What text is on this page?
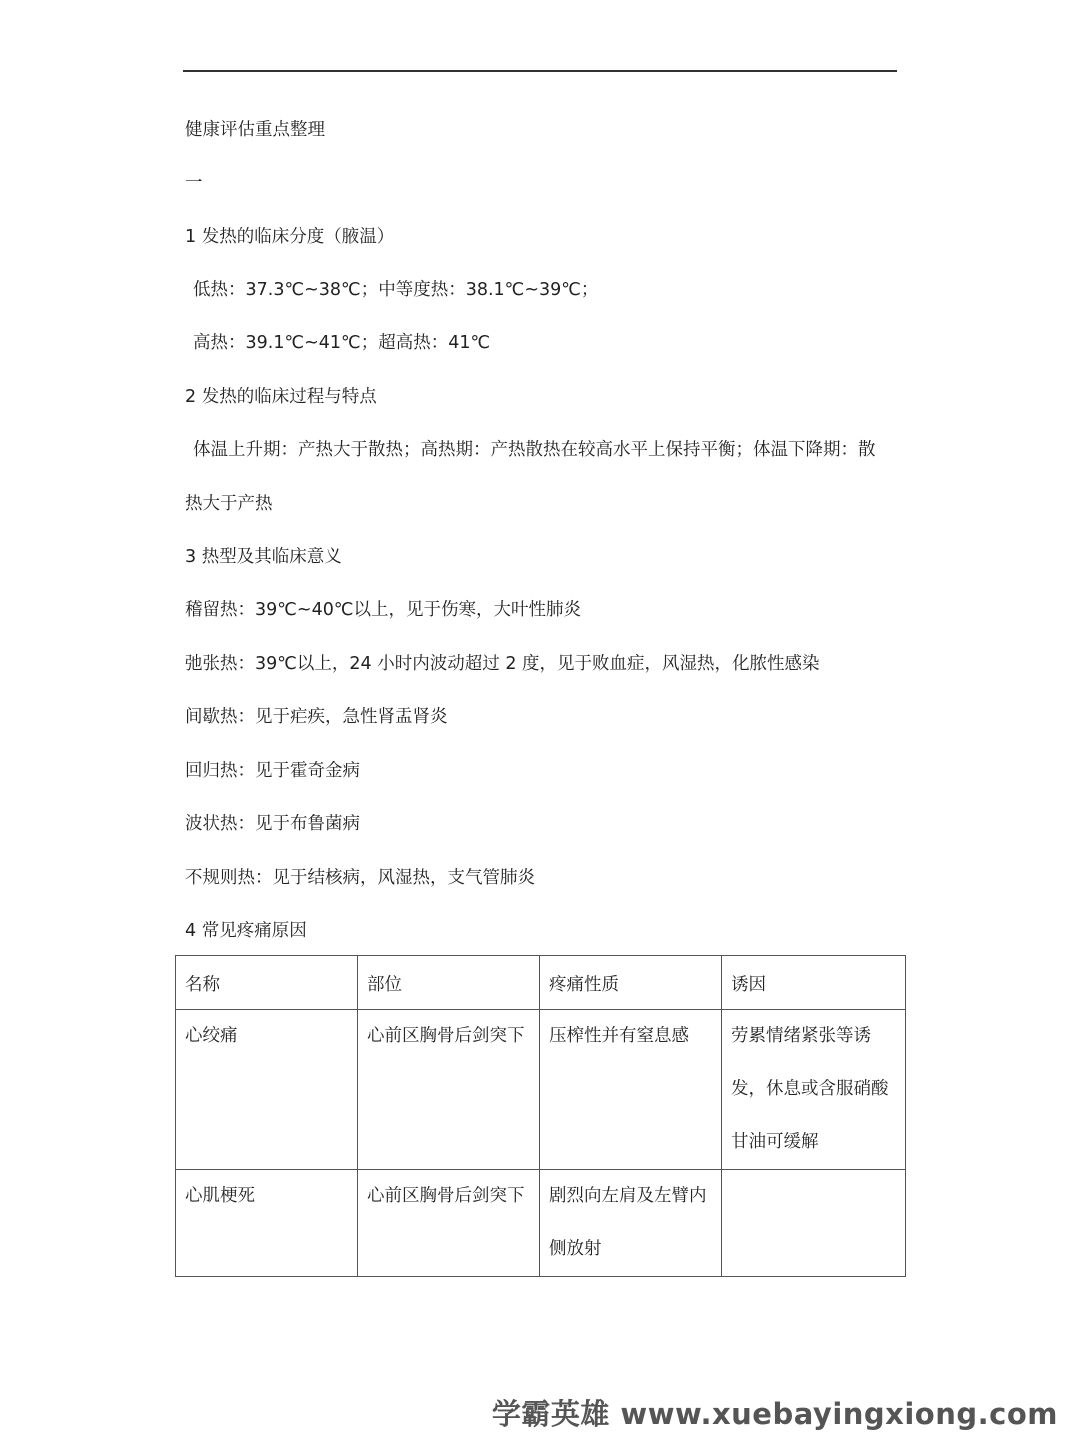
健康评估重点整理
一
1 发热的临床分度（腋温）
低热：37.3℃~38℃；中等度热：38.1℃~39℃；
高热：39.1℃~41℃；超高热：41℃
2 发热的临床过程与特点
体温上升期：产热大于散热；高热期：产热散热在较高水平上保持平衡；体温下降期：散
热大于产热
3 热型及其临床意义
稽留热：39℃~40℃以上，见于伤寒，大叶性肺炎
弛张热：39℃以上，24 小时内波动超过 2 度，见于败血症，风湿热，化脓性感染
间歇热：见于疟疾，急性肾盂肾炎
回归热：见于霍奇金病
波状热：见于布鲁菌病
不规则热：见于结核病，风湿热，支气管肺炎
4 常见疼痛原因
名称	部位	疼痛性质	诱因
心绞痛	心前区胸骨后剑突下	压榨性并有窒息感	劳累情绪紧张等诱发，休息或含服硝酸甘油可缓解
心肌梗死	心前区胸骨后剑突下	剧烈向左肩及左臂内侧放射	
学霸英雄 www.xuebayingxiong.com
